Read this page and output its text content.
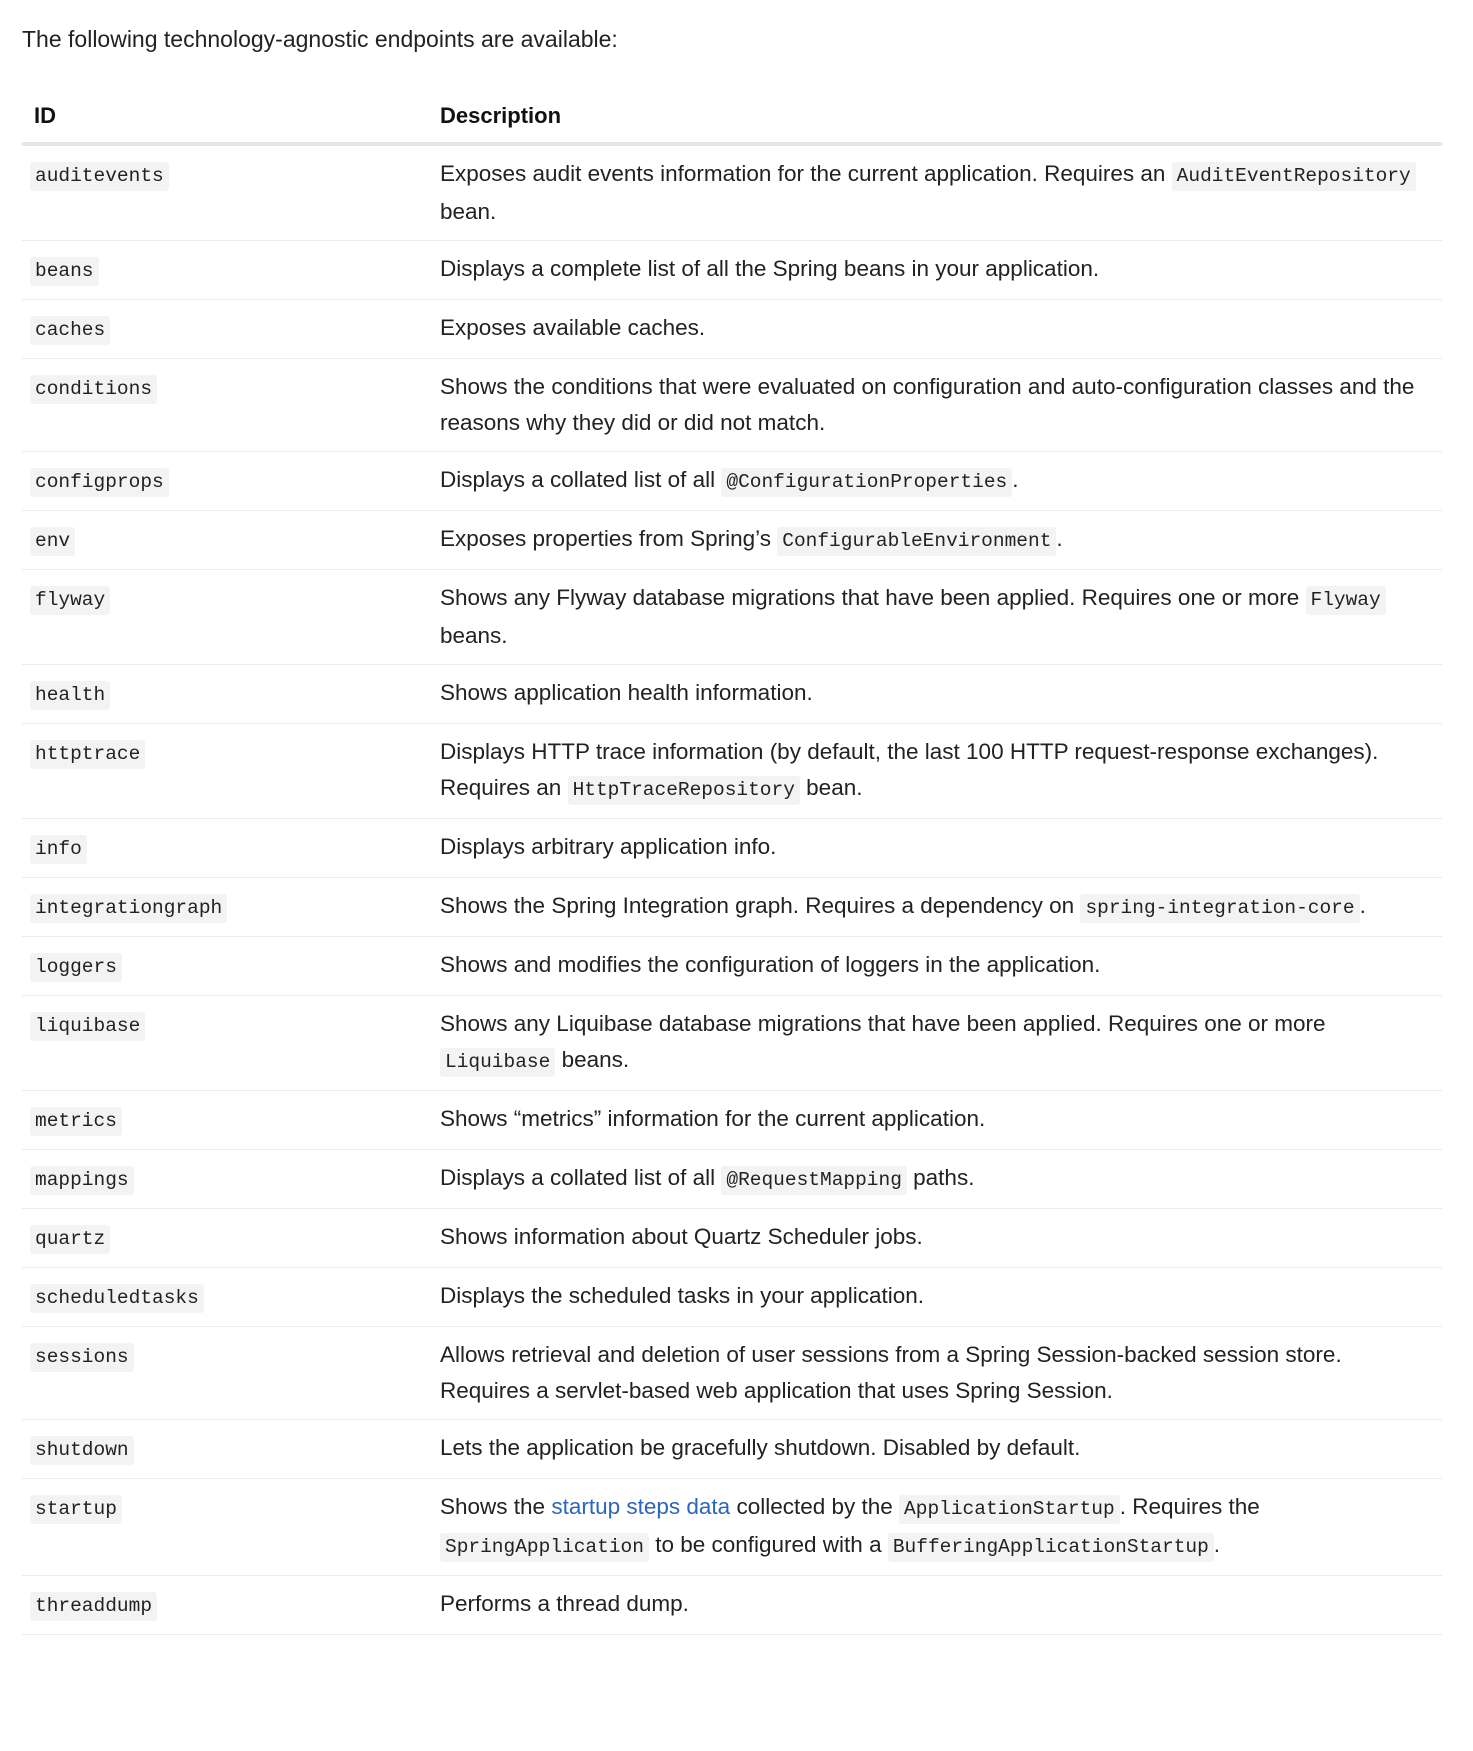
The following technology-agnostic endpoints are available:

ID	Description
auditevents	Exposes audit events information for the current application. Requires an AuditEventRepository bean.
beans	Displays a complete list of all the Spring beans in your application.
caches	Exposes available caches.
conditions	Shows the conditions that were evaluated on configuration and auto-configuration classes and the reasons why they did or did not match.
configprops	Displays a collated list of all @ConfigurationProperties .
env	Exposes properties from Spring’s ConfigurableEnvironment .
flyway	Shows any Flyway database migrations that have been applied. Requires one or more Flyway beans.
health	Shows application health information.
httptrace	Displays HTTP trace information (by default, the last 100 HTTP request-response exchanges). Requires an HttpTraceRepository bean.
info	Displays arbitrary application info.
integrationgraph	Shows the Spring Integration graph. Requires a dependency on spring-integration-core .
loggers	Shows and modifies the configuration of loggers in the application.
liquibase	Shows any Liquibase database migrations that have been applied. Requires one or more Liquibase beans.
metrics	Shows “metrics” information for the current application.
mappings	Displays a collated list of all @RequestMapping paths.
quartz	Shows information about Quartz Scheduler jobs.
scheduledtasks	Displays the scheduled tasks in your application.
sessions	Allows retrieval and deletion of user sessions from a Spring Session-backed session store. Requires a servlet-based web application that uses Spring Session.
shutdown	Lets the application be gracefully shutdown. Disabled by default.
startup	Shows the startup steps data collected by the ApplicationStartup . Requires the SpringApplication to be configured with a BufferingApplicationStartup .
threaddump	Performs a thread dump.
